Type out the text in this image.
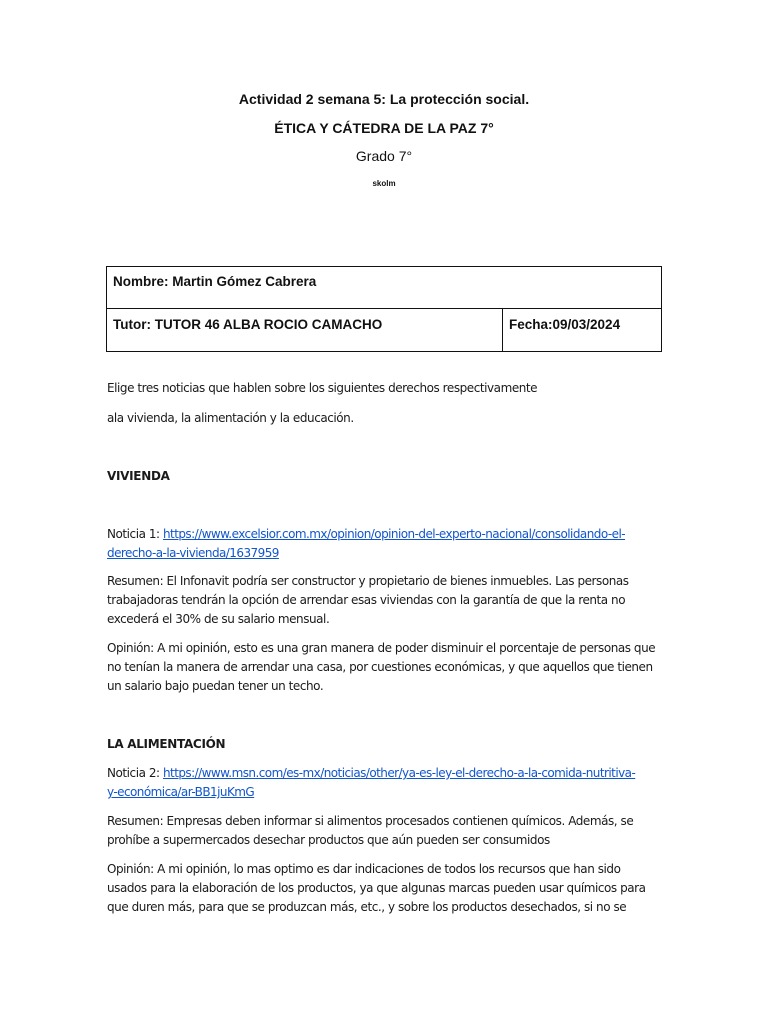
Actividad 2 semana 5: La protección social.
ÉTICA Y CÁTEDRA DE LA PAZ 7°
Grado 7°
skolm
Nombre: Martin Gómez Cabrera
Tutor: TUTOR 46 ALBA ROCIO CAMACHO	Fecha:09/03/2024
Elige tres noticias que hablen sobre los siguientes derechos respectivamente
ala vivienda, la alimentación y la educación.
VIVIENDA
Noticia 1: https://www.excelsior.com.mx/opinion/opinion-del-experto-nacional/consolidando-el-
derecho-a-la-vivienda/1637959
Resumen: El Infonavit podría ser constructor y propietario de bienes inmuebles. Las personas
trabajadoras tendrán la opción de arrendar esas viviendas con la garantía de que la renta no
excederá el 30% de su salario mensual.
Opinión: A mi opinión, esto es una gran manera de poder disminuir el porcentaje de personas que
no tenían la manera de arrendar una casa, por cuestiones económicas, y que aquellos que tienen
un salario bajo puedan tener un techo.
LA ALIMENTACIÓN
Noticia 2: https://www.msn.com/es-mx/noticias/other/ya-es-ley-el-derecho-a-la-comida-nutritiva-
y-económica/ar-BB1juKmG
Resumen: Empresas deben informar si alimentos procesados contienen químicos. Además, se
prohíbe a supermercados desechar productos que aún pueden ser consumidos
Opinión: A mi opinión, lo mas optimo es dar indicaciones de todos los recursos que han sido
usados para la elaboración de los productos, ya que algunas marcas pueden usar químicos para
que duren más, para que se produzcan más, etc., y sobre los productos desechados, si no se
